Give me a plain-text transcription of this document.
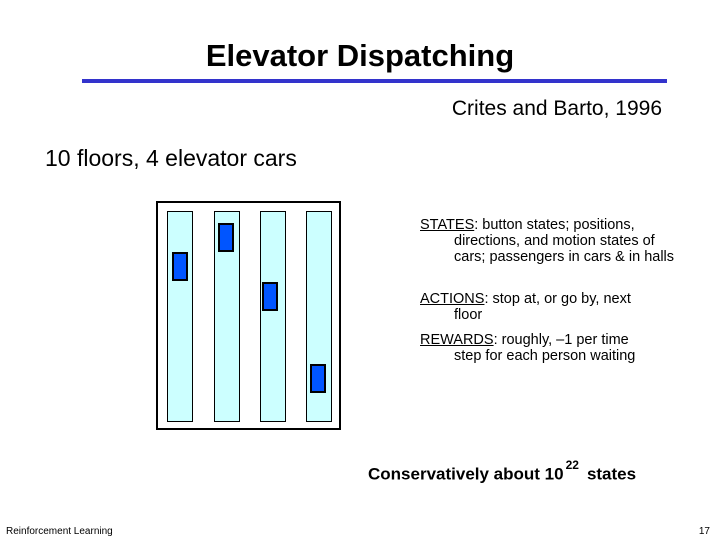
Elevator Dispatching
Crites and Barto, 1996
10 floors, 4 elevator cars
STATES: button states; positions,
directions, and motion states of cars; passengers in cars & in halls
ACTIONS: stop at, or go by, next
floor
REWARDS: roughly, –1 per time
step for each person waiting
Conservatively about 10 $^{22}$ states
Reinforcement Learning	17
